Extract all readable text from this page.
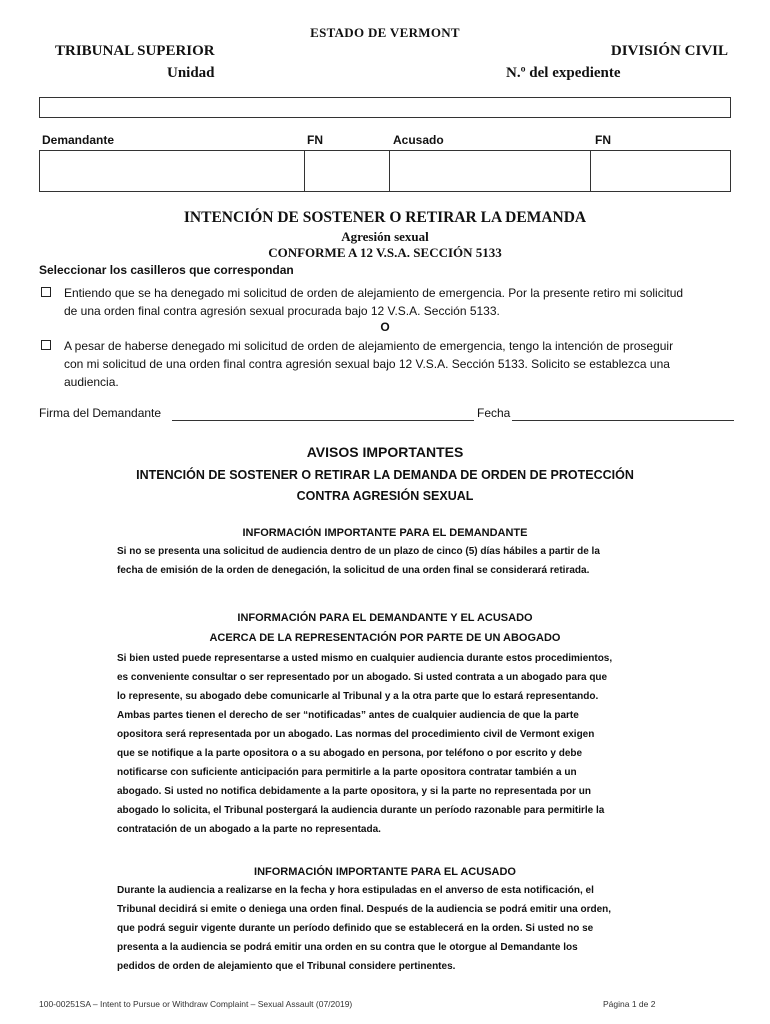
ESTADO DE VERMONT
TRIBUNAL SUPERIOR
Unidad
DIVISIÓN CIVIL
N.º del expediente
Demandante	FN	Acusado	FN
INTENCIÓN DE SOSTENER O RETIRAR LA DEMANDA
Agresión sexual
CONFORME A 12 V.S.A. SECCIÓN 5133
Seleccionar los casilleros que correspondan
Entiendo que se ha denegado mi solicitud de orden de alejamiento de emergencia. Por la presente retiro mi solicitud
de una orden final contra agresión sexual procurada bajo 12 V.S.A. Sección 5133.
O
A pesar de haberse denegado mi solicitud de orden de alejamiento de emergencia, tengo la intención de proseguir
con mi solicitud de una orden final contra agresión sexual bajo 12 V.S.A. Sección 5133. Solicito se establezca una
audiencia.
Firma del Demandante	Fecha
AVISOS IMPORTANTES
INTENCIÓN DE SOSTENER O RETIRAR LA DEMANDA DE ORDEN DE PROTECCIÓN
CONTRA AGRESIÓN SEXUAL
INFORMACIÓN IMPORTANTE PARA EL DEMANDANTE
Si no se presenta una solicitud de audiencia dentro de un plazo de cinco (5) días hábiles a partir de la
fecha de emisión de la orden de denegación, la solicitud de una orden final se considerará retirada.
INFORMACIÓN PARA EL DEMANDANTE Y EL ACUSADO
ACERCA DE LA REPRESENTACIÓN POR PARTE DE UN ABOGADO
Si bien usted puede representarse a usted mismo en cualquier audiencia durante estos procedimientos,
es conveniente consultar o ser representado por un abogado. Si usted contrata a un abogado para que
lo represente, su abogado debe comunicarle al Tribunal y a la otra parte que lo estará representando.
Ambas partes tienen el derecho de ser “notificadas” antes de cualquier audiencia de que la parte
opositora será representada por un abogado. Las normas del procedimiento civil de Vermont exigen
que se notifique a la parte opositora o a su abogado en persona, por teléfono o por escrito y debe
notificarse con suficiente anticipación para permitirle a la parte opositora contratar también a un
abogado. Si usted no notifica debidamente a la parte opositora, y si la parte no representada por un
abogado lo solicita, el Tribunal postergará la audiencia durante un período razonable para permitirle la
contratación de un abogado a la parte no representada.
INFORMACIÓN IMPORTANTE PARA EL ACUSADO
Durante la audiencia a realizarse en la fecha y hora estipuladas en el anverso de esta notificación, el
Tribunal decidirá si emite o deniega una orden final. Después de la audiencia se podrá emitir una orden,
que podrá seguir vigente durante un período definido que se establecerá en la orden. Si usted no se
presenta a la audiencia se podrá emitir una orden en su contra que le otorgue al Demandante los
pedidos de orden de alejamiento que el Tribunal considere pertinentes.
100-00251SA – Intent to Pursue or Withdraw Complaint – Sexual Assault (07/2019)	Página 1 de 2
